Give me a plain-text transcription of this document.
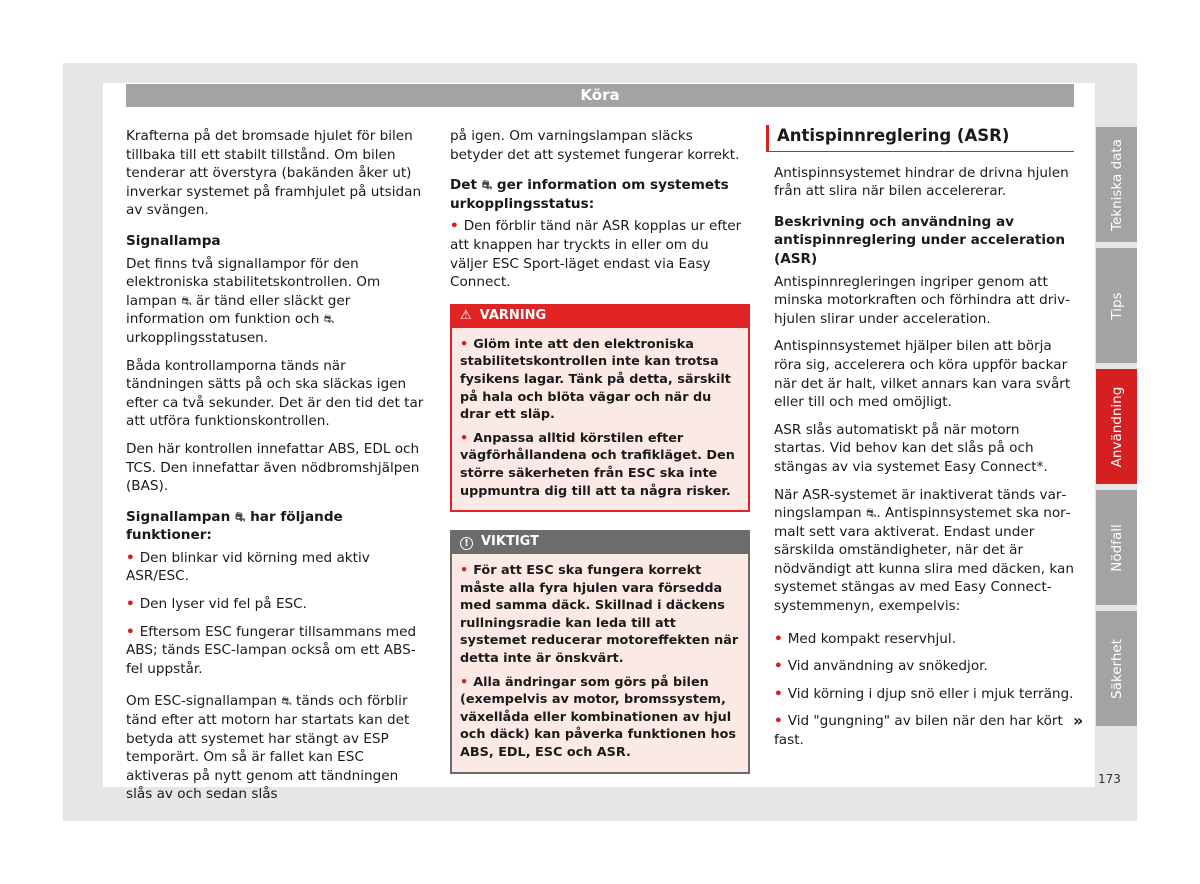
Köra

Krafterna på det bromsade hjulet för bilen tillbaka till ett stabilt tillstånd. Om bilen tenderar att överstyra (bakänden åker ut) inverkar systemet på framhjulet på utsidan av svängen.

Signallampa

Det finns två signallampor för den elektroniska stabilitetskontrollen. Om lampan ⛐ är tänd eller släckt ger information om funktion och ⛐ urkopplingsstatusen.

Båda kontrollamporna tänds när tändningen sätts på och ska släckas igen efter ca två sekunder. Det är den tid det tar att utföra funktionskontrollen.

Den här kontrollen innefattar ABS, EDL och TCS. Den innefattar även nödbromshjälpen (BAS).

Signallampan ⛐ har följande funktioner:

• Den blinkar vid körning med aktiv ASR/ESC.

• Den lyser vid fel på ESC.

• Eftersom ESC fungerar tillsammans med ABS; tänds ESC-lampan också om ett ABS-fel uppstår.

Om ESC-signallampan ⛐ tänds och förblir tänd efter att motorn har startats kan det betyda att systemet har stängt av ESP temporärt. Om så är fallet kan ESC aktiveras på nytt genom att tändningen slås av och sedan slås

på igen. Om varningslampan släcks betyder det att systemet fungerar korrekt.

Det ⛐ ger information om systemets urkopplingsstatus:

• Den förblir tänd när ASR kopplas ur efter att knappen har tryckts in eller om du väljer ESC Sport-läget endast via Easy Connect.

⚠ VARNING

• Glöm inte att den elektroniska stabilitetskontrollen inte kan trotsa fysikens lagar. Tänk på detta, särskilt på hala och blöta vägar och när du drar ett släp.

• Anpassa alltid körstilen efter vägförhållandena och trafikläget. Den större säkerheten från ESC ska inte uppmuntra dig till att ta några risker.

! VIKTIGT

• För att ESC ska fungera korrekt måste alla fyra hjulen vara försedda med samma däck. Skillnad i däckens rullningsradie kan leda till att systemet reducerar motoreffekten när detta inte är önskvärt.

• Alla ändringar som görs på bilen (exempelvis av motor, bromssystem, växellåda eller kombinationen av hjul och däck) kan påverka funktionen hos ABS, EDL, ESC och ASR.

Antispinnreglering (ASR)

Antispinnsystemet hindrar de drivna hjulen från att slira när bilen accelererar.

Beskrivning och användning av antispinnreglering under acceleration (ASR)

Antispinnregleringen ingriper genom att minska motorkraften och förhindra att drivhjulen slirar under acceleration.

Antispinnsystemet hjälper bilen att börja röra sig, accelerera och köra uppför backar när det är halt, vilket annars kan vara svårt eller till och med omöjligt.

ASR slås automatiskt på när motorn startas. Vid behov kan det slås på och stängas av via systemet Easy Connect*.

När ASR-systemet är inaktiverat tänds varningslampan ⛐. Antispinnsystemet ska normalt sett vara aktiverat. Endast under särskilda omständigheter, när det är nödvändigt att kunna slira med däcken, kan systemet stängas av med Easy Connect-systemmenyn, exempelvis:

• Med kompakt reservhjul.

• Vid användning av snökedjor.

• Vid körning i djup snö eller i mjuk terräng.

• Vid "gungning" av bilen när den har kört fast.

»
Tekniska data
Tips
Användning
Nödfall
Säkerhet
173
